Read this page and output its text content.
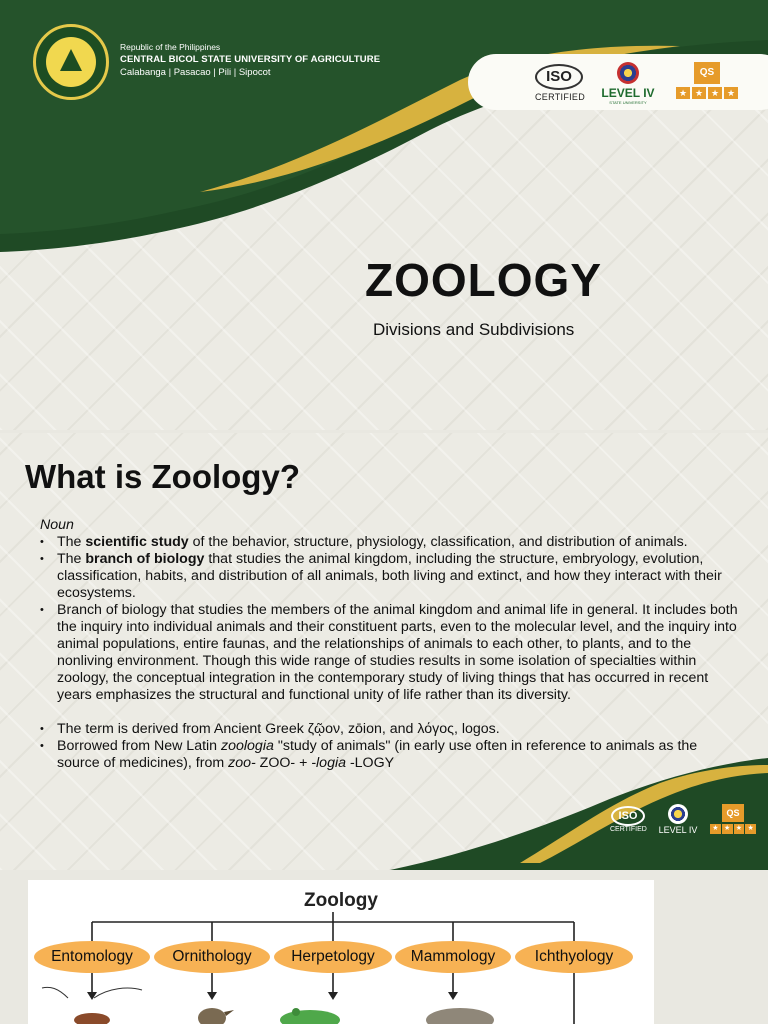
Republic of the Philippines
CENTRAL BICOL STATE UNIVERSITY OF AGRICULTURE
Calabanga | Pasacao | Pili | Sipocot	ISO
CERTIFIED LEVEL IV
STATE UNIVERSITY
QS
★ ★ ★ ★
ZOOLOGY
Divisions and Subdivisions
What is Zoology?
Noun
• The scientific study of the behavior, structure, physiology, classification, and distribution of animals.
• The branch of biology that studies the animal kingdom, including the structure, embryology, evolution, classification, habits, and distribution of all animals, both living and extinct, and how they interact with their ecosystems.
• Branch of biology that studies the members of the animal kingdom and animal life in general. It includes both the inquiry into individual animals and their constituent parts, even to the molecular level, and the inquiry into animal populations, entire faunas, and the relationships of animals to each other, to plants, and to the nonliving environment. Though this wide range of studies results in some isolation of specialties within zoology, the conceptual integration in the contemporary study of living things that has occurred in recent years emphasizes the structural and functional unity of life rather than its diversity.
• The term is derived from Ancient Greek ζῷον, zōion, and λόγος, logos.
• Borrowed from New Latin zoologia "study of animals" (in early use often in reference to animals as the source of medicines), from zoo- ZOO- + -logia -LOGY
ISO
CERTIFIED LEVEL IV
QS
★ ★ ★ ★
Zoology
Entomology	Ornithology	Herpetology	Mammology	Ichthyology
